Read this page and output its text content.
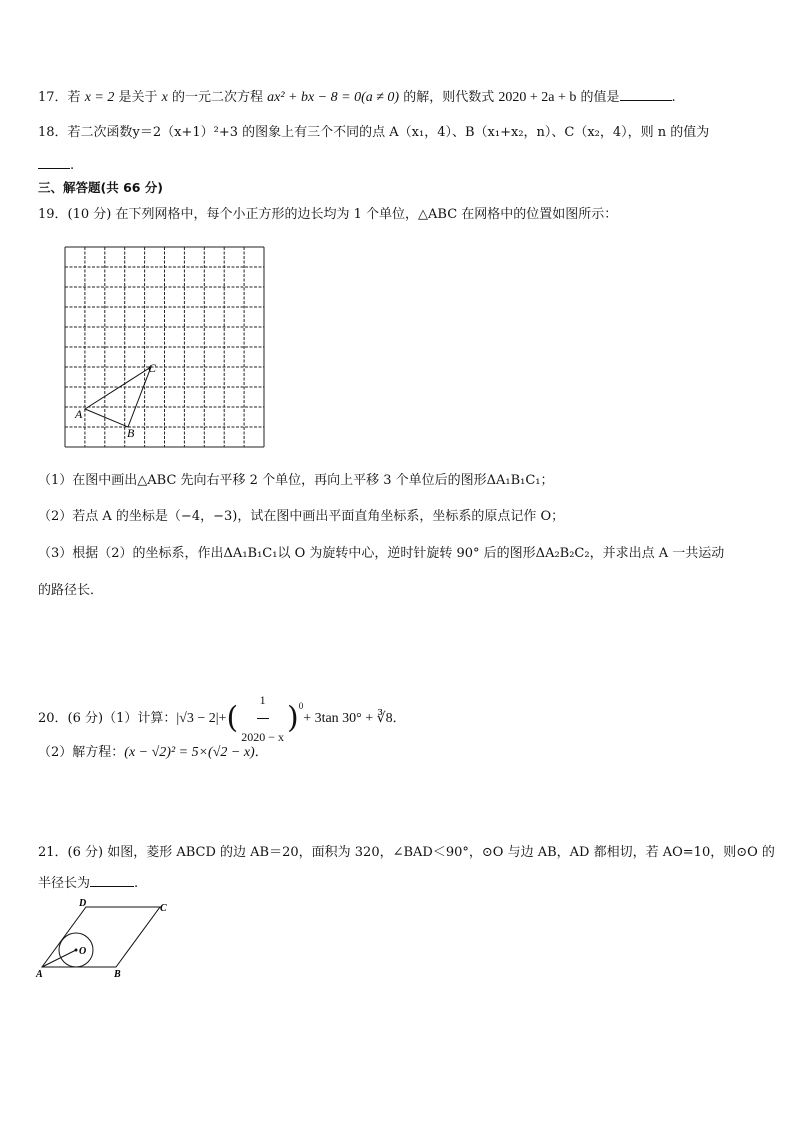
17．若 x = 2 是关于 x 的一元二次方程 ax² + bx − 8 = 0(a ≠ 0) 的解，则代数式 2020 + 2a + b 的值是	.
18．若二次函数y＝2（x+1）²+3 的图象上有三个不同的点 A（x₁，4）、B（x₁+x₂，n）、C（x₂，4），则 n 的值为
.
三、解答题(共 66 分)
19．(10 分) 在下列网格中，每个小正方形的边长均为 1 个单位，△ABC 在网格中的位置如图所示：
A
B
C
（1）在图中画出△ABC 先向右平移 2 个单位，再向上平移 3 个单位后的图形ΔA₁B₁C₁；
（2）若点 A 的坐标是（−4，−3)，试在图中画出平面直角坐标系，坐标系的原点记作 O；
（3）根据（2）的坐标系，作出ΔA₁B₁C₁以 O 为旋转中心，逆时针旋转 90° 后的图形ΔA₂B₂C₂，并求出点 A 一共运动
的路径长．
20．(6 分)（1）计算：$|√3 - 2|+( \frac{1}{2020 - x} )^0+ 3\tan$ 30° + ∛8．
（2）解方程：(x − √2)² = 5×(√2 − x)．
21．(6 分) 如图，菱形 ABCD 的边 AB＝20，面积为 320，∠BAD＜90°，⊙O 与边 AB，AD 都相切，若 AO=10，则⊙O 的
半径长为	.
A	B
C
D
O
